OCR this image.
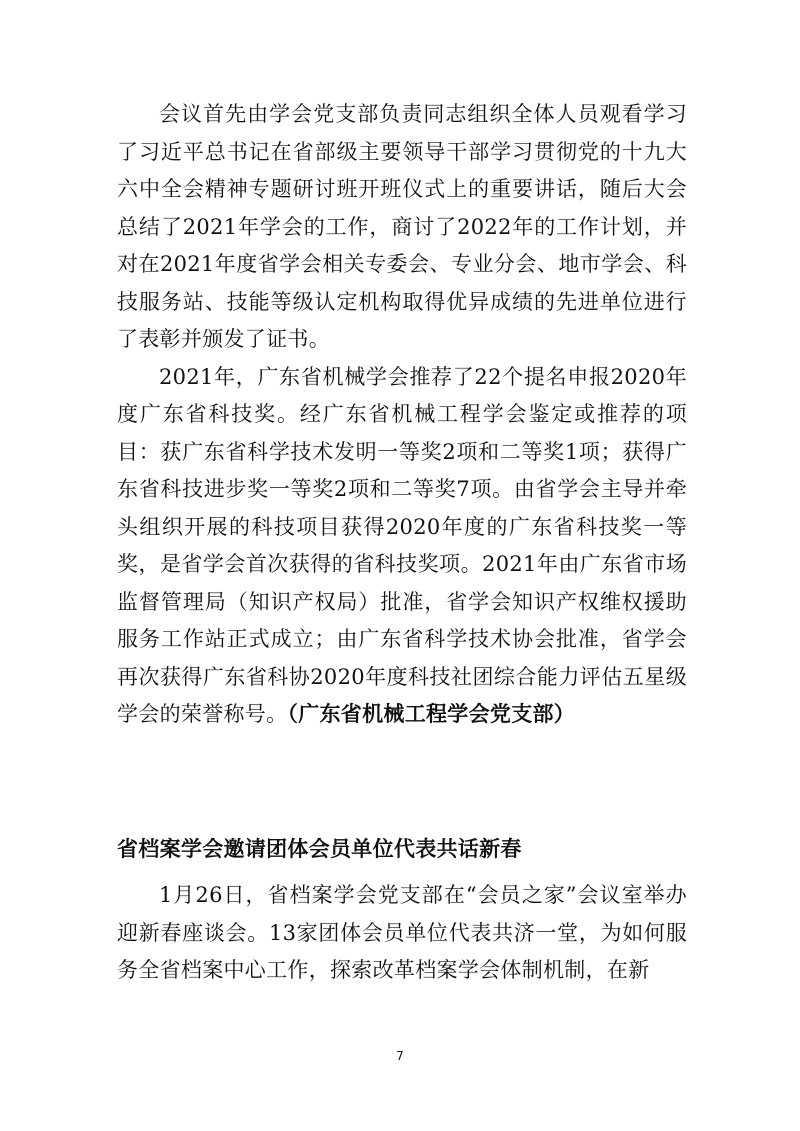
会议首先由学会党支部负责同志组织全体人员观看学习了习近平总书记在省部级主要领导干部学习贯彻党的十九大六中全会精神专题研讨班开班仪式上的重要讲话，随后大会总结了2021年学会的工作，商讨了2022年的工作计划，并对在2021年度省学会相关专委会、专业分会、地市学会、科技服务站、技能等级认定机构取得优异成绩的先进单位进行了表彰并颁发了证书。

2021年，广东省机械学会推荐了22个提名申报2020年度广东省科技奖。经广东省机械工程学会鉴定或推荐的项目：获广东省科学技术发明一等奖2项和二等奖1项；获得广东省科技进步奖一等奖2项和二等奖7项。由省学会主导并牵头组织开展的科技项目获得2020年度的广东省科技奖一等奖，是省学会首次获得的省科技奖项。2021年由广东省市场监督管理局（知识产权局）批准，省学会知识产权维权援助服务工作站正式成立；由广东省科学技术协会批准，省学会再次获得广东省科协2020年度科技社团综合能力评估五星级学会的荣誉称号。（广东省机械工程学会党支部）

省档案学会邀请团体会员单位代表共话新春

1月26日，省档案学会党支部在“会员之家”会议室举办迎新春座谈会。13家团体会员单位代表共济一堂，为如何服务全省档案中心工作，探索改革档案学会体制机制，在新

7
